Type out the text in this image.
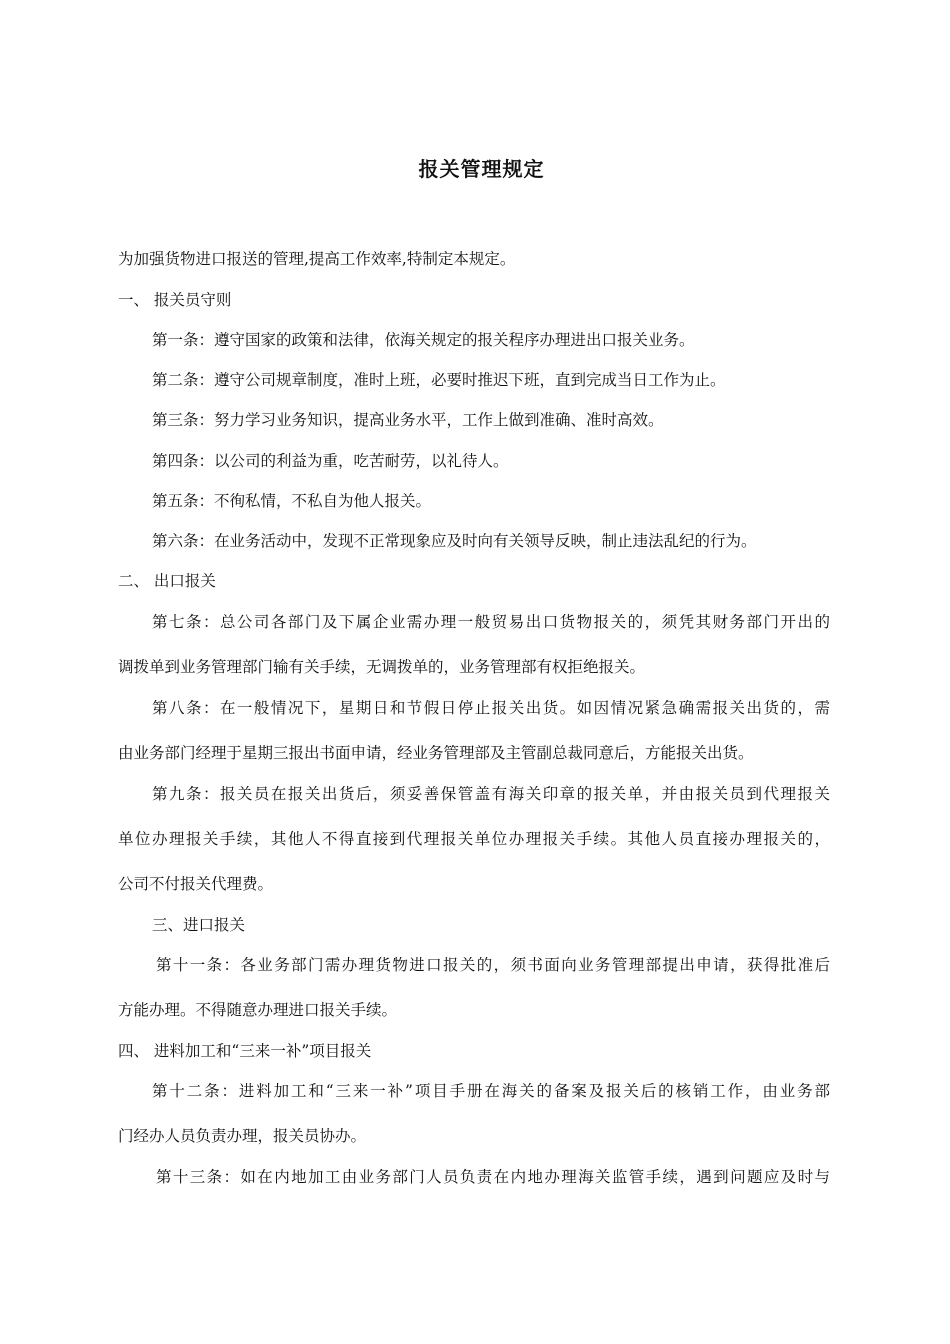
报关管理规定
为加强货物进口报送的管理,提高工作效率,特制定本规定。
一、 报关员守则
第一条：遵守国家的政策和法律，依海关规定的报关程序办理进出口报关业务。
第二条：遵守公司规章制度，准时上班，必要时推迟下班，直到完成当日工作为止。
第三条：努力学习业务知识，提高业务水平，工作上做到准确、准时高效。
第四条：以公司的利益为重，吃苦耐劳，以礼待人。
第五条：不徇私情，不私自为他人报关。
第六条：在业务活动中，发现不正常现象应及时向有关领导反映，制止违法乱纪的行为。
二、 出口报关
第七条：总公司各部门及下属企业需办理一般贸易出口货物报关的，须凭其财务部门开出的
调拨单到业务管理部门输有关手续，无调拨单的，业务管理部有权拒绝报关。
第八条：在一般情况下，星期日和节假日停止报关出货。如因情况紧急确需报关出货的，需
由业务部门经理于星期三报出书面申请，经业务管理部及主管副总裁同意后，方能报关出货。
第九条：报关员在报关出货后，须妥善保管盖有海关印章的报关单，并由报关员到代理报关
单位办理报关手续，其他人不得直接到代理报关单位办理报关手续。其他人员直接办理报关的，
公司不付报关代理费。
三、进口报关
第十一条：各业务部门需办理货物进口报关的，须书面向业务管理部提出申请，获得批准后
方能办理。不得随意办理进口报关手续。
四、 进料加工和“三来一补”项目报关
第十二条：进料加工和“三来一补”项目手册在海关的备案及报关后的核销工作，由业务部
门经办人员负责办理，报关员协办。
第十三条：如在内地加工由业务部门人员负责在内地办理海关监管手续，遇到问题应及时与
